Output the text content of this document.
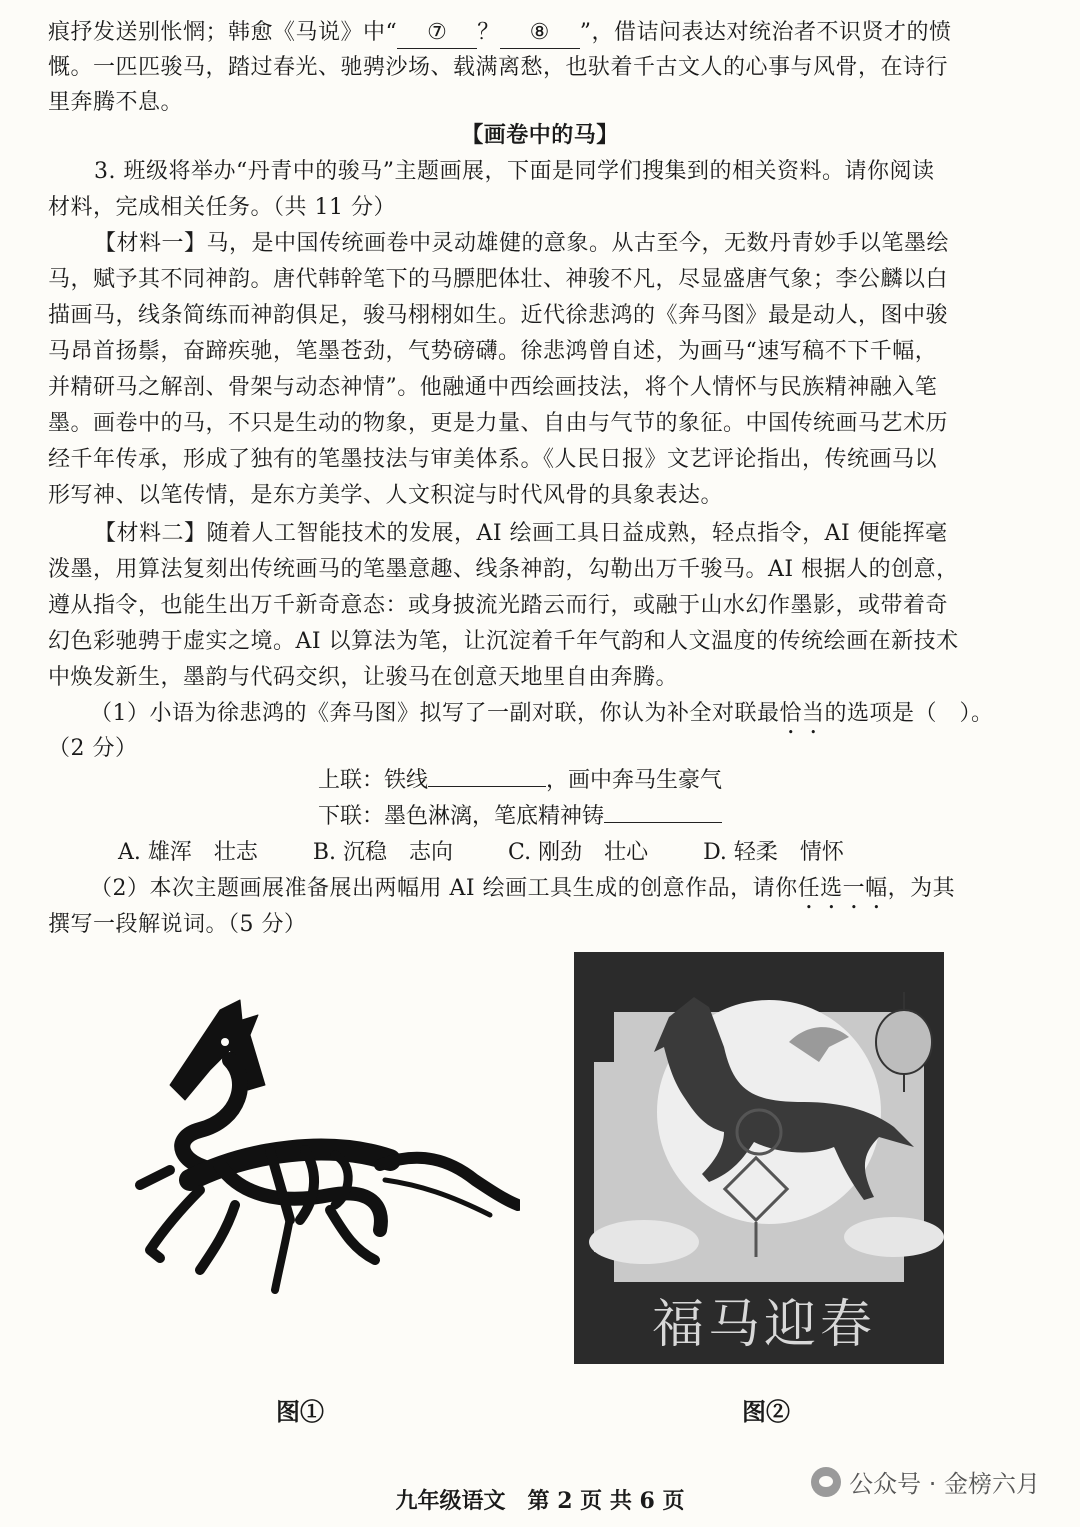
痕抒发送别怅惘；韩愈《马说》中“ ⑦ ？ ⑧ ”，借诘问表达对统治者不识贤才的愤
慨。一匹匹骏马，踏过春光、驰骋沙场、载满离愁，也驮着千古文人的心事与风骨，在诗行
里奔腾不息。
【画卷中的马】
3. 班级将举办“丹青中的骏马”主题画展，下面是同学们搜集到的相关资料。请你阅读
材料，完成相关任务。（共 11 分）
【材料一】马，是中国传统画卷中灵动雄健的意象。从古至今，无数丹青妙手以笔墨绘
马，赋予其不同神韵。唐代韩幹笔下的马膘肥体壮、神骏不凡，尽显盛唐气象；李公麟以白
描画马，线条简练而神韵俱足，骏马栩栩如生。近代徐悲鸿的《奔马图》最是动人，图中骏
马昂首扬鬃，奋蹄疾驰，笔墨苍劲，气势磅礴。徐悲鸿曾自述，为画马“速写稿不下千幅，
并精研马之解剖、骨架与动态神情”。他融通中西绘画技法，将个人情怀与民族精神融入笔
墨。画卷中的马，不只是生动的物象，更是力量、自由与气节的象征。中国传统画马艺术历
经千年传承，形成了独有的笔墨技法与审美体系。《人民日报》文艺评论指出，传统画马以
形写神、以笔传情，是东方美学、人文积淀与时代风骨的具象表达。
【材料二】随着人工智能技术的发展，AI 绘画工具日益成熟，轻点指令，AI 便能挥毫
泼墨，用算法复刻出传统画马的笔墨意趣、线条神韵，勾勒出万千骏马。AI 根据人的创意，
遵从指令，也能生出万千新奇意态：或身披流光踏云而行，或融于山水幻作墨影，或带着奇
幻色彩驰骋于虚实之境。AI 以算法为笔，让沉淀着千年气韵和人文温度的传统绘画在新技术
中焕发新生，墨韵与代码交织，让骏马在创意天地里自由奔腾。
（1）小语为徐悲鸿的《奔马图》拟写了一副对联，你认为补全对联最恰当的选项是（　）。
（2 分）
上联：铁线	，画中奔马生豪气
下联：墨色淋漓，笔底精神铸
A. 雄浑　壮志	B. 沉稳　志向	C. 刚劲　壮心	D. 轻柔　情怀
（2）本次主题画展准备展出两幅用 AI 绘画工具生成的创意作品，请你任选一幅，为其
撰写一段解说词。（5 分）
福马迎春
图①	图②
九年级语文　第 2 页 共 6 页
公众号 · 金榜六月
